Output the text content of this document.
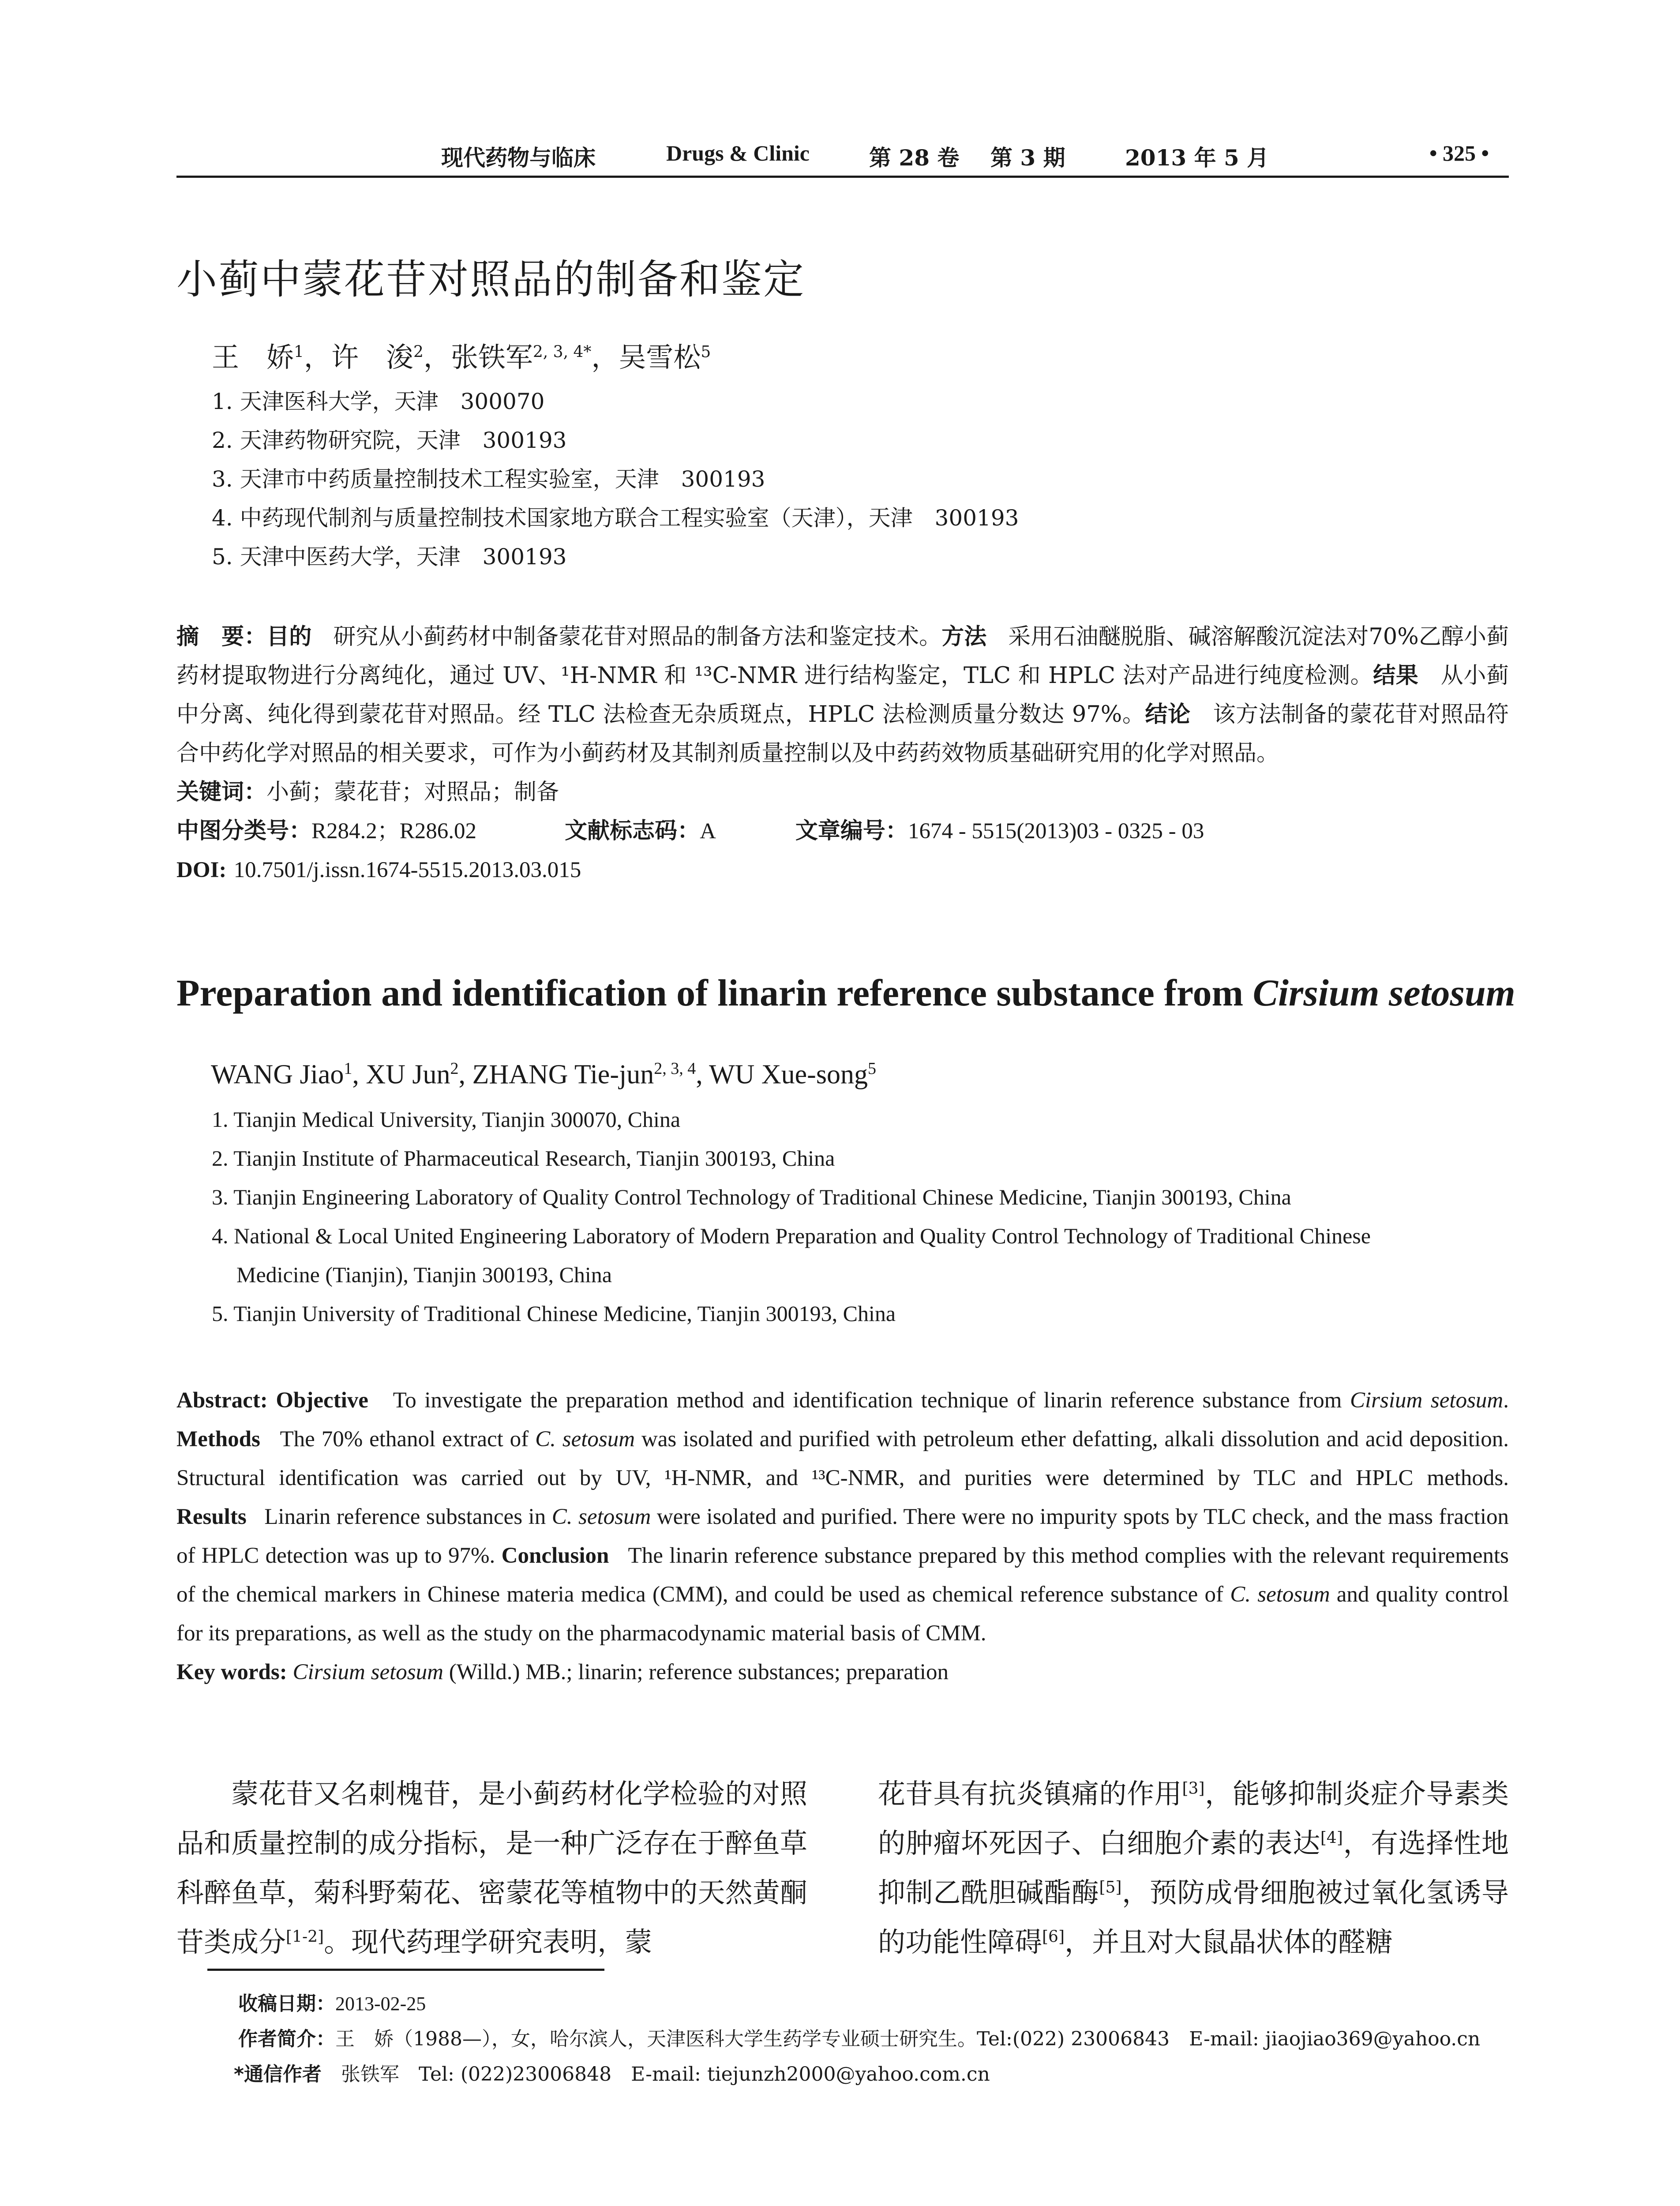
现代药物与临床	Drugs & Clinic	第 28 卷 第 3 期	2013 年 5 月	• 325 •
小蓟中蒙花苷对照品的制备和鉴定
王　娇$^1$，许　浚$^2$，张铁军$^{2, 3, 4*}$，吴雪松$^5$
1. 天津医科大学，天津　300070
2. 天津药物研究院，天津　300193
3. 天津市中药质量控制技术工程实验室，天津　300193
4. 中药现代制剂与质量控制技术国家地方联合工程实验室（天津），天津　300193
5. 天津中医药大学，天津　300193

摘　要：目的 研究从小蓟药材中制备蒙花苷对照品的制备方法和鉴定技术。方法 采用石油醚脱脂、碱溶解酸沉淀法对70%乙醇小蓟药材提取物进行分离纯化，通过 UV、¹H-NMR 和 ¹³C-NMR 进行结构鉴定，TLC 和 HPLC 法对产品进行纯度检测。结果 从小蓟中分离、纯化得到蒙花苷对照品。经 TLC 法检查无杂质斑点，HPLC 法检测质量分数达 97%。结论 该方法制备的蒙花苷对照品符合中药化学对照品的相关要求，可作为小蓟药材及其制剂质量控制以及中药药效物质基础研究用的化学对照品。

关键词：小蓟；蒙花苷；对照品；制备

中图分类号：R284.2；R286.02	文献标志码：A	文章编号：1674 - 5515(2013)03 - 0325 - 03

DOI: 10.7501/j.issn.1674-5515.2013.03.015

Preparation and identification of linarin reference substance from Cirsium setosum
WANG Jiao$^1$, XU Jun$^2$, ZHANG Tie-jun$^{2, 3, 4}$, WU Xue-song$^5$
1. Tianjin Medical University, Tianjin 300070, China
2. Tianjin Institute of Pharmaceutical Research, Tianjin 300193, China
3. Tianjin Engineering Laboratory of Quality Control Technology of Traditional Chinese Medicine, Tianjin 300193, China
4. National & Local United Engineering Laboratory of Modern Preparation and Quality Control Technology of Traditional Chinese
Medicine (Tianjin), Tianjin 300193, China
5. Tianjin University of Traditional Chinese Medicine, Tianjin 300193, China

Abstract: Objective To investigate the preparation method and identification technique of linarin reference substance from Cirsium setosum. Methods The 70% ethanol extract of C. setosum was isolated and purified with petroleum ether defatting, alkali dissolution and acid deposition. Structural identification was carried out by UV, ¹H-NMR, and ¹³C-NMR, and purities were determined by TLC and HPLC methods. Results Linarin reference substances in C. setosum were isolated and purified. There were no impurity spots by TLC check, and the mass fraction of HPLC detection was up to 97%. Conclusion The linarin reference substance prepared by this method complies with the relevant requirements of the chemical markers in Chinese materia medica (CMM), and could be used as chemical reference substance of C. setosum and quality control for its preparations, as well as the study on the pharmacodynamic material basis of CMM.

Key words: Cirsium setosum (Willd.) MB.; linarin; reference substances; preparation

蒙花苷又名刺槐苷，是小蓟药材化学检验的对照品和质量控制的成分指标，是一种广泛存在于醉鱼草科醉鱼草，菊科野菊花、密蒙花等植物中的天然黄酮苷类成分[1-2]。现代药理学研究表明，蒙

花苷具有抗炎镇痛的作用[3]，能够抑制炎症介导素类的肿瘤坏死因子、白细胞介素的表达[4]，有选择性地抑制乙酰胆碱酯酶[5]，预防成骨细胞被过氧化氢诱导的功能性障碍[6]，并且对大鼠晶状体的醛糖

收稿日期：2013-02-25
作者简介：王　娇（1988—），女，哈尔滨人，天津医科大学生药学专业硕士研究生。Tel:(022) 23006843　E-mail: jiaojiao369@yahoo.cn
*通信作者　张铁军　Tel: (022)23006848　E-mail: tiejunzh2000@yahoo.com.cn
